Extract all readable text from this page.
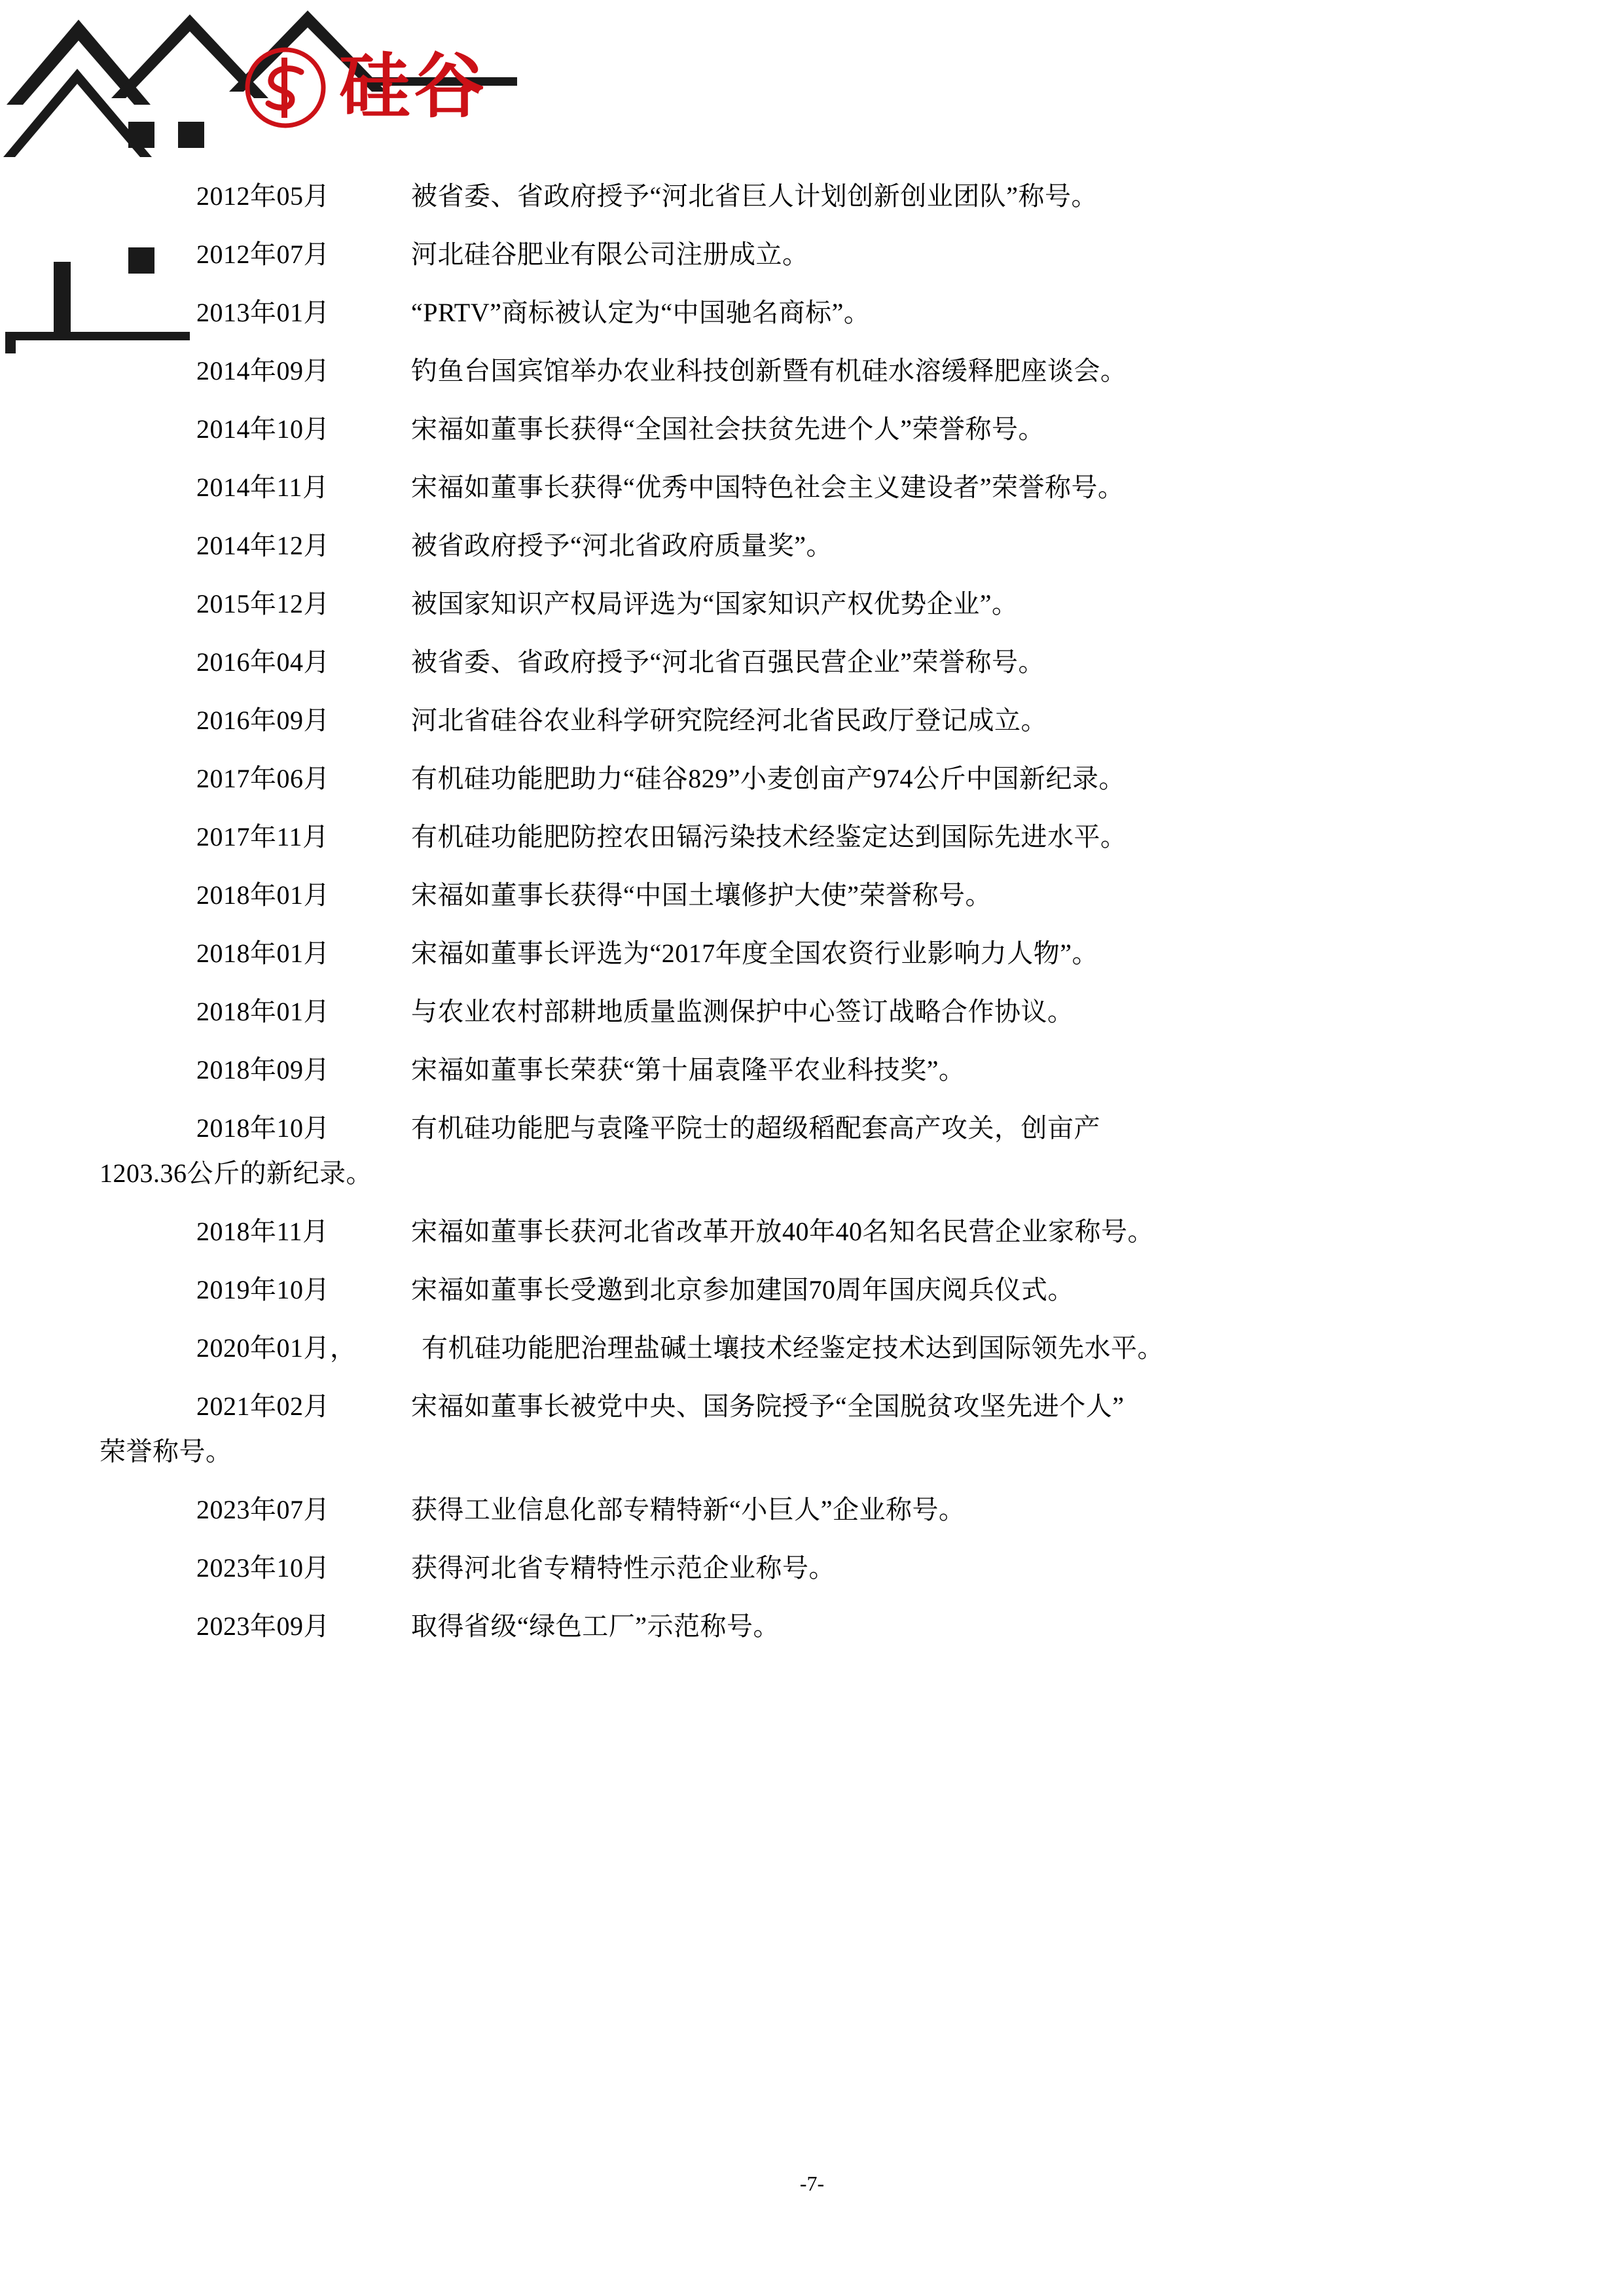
硅谷
2012年05月	被省委、省政府授予“河北省巨人计划创新创业团队”称号。
2012年07月	河北硅谷肥业有限公司注册成立。
2013年01月	“PRTV”商标被认定为“中国驰名商标”。
2014年09月	钓鱼台国宾馆举办农业科技创新暨有机硅水溶缓释肥座谈会。
2014年10月	宋福如董事长获得“全国社会扶贫先进个人”荣誉称号。
2014年11月	宋福如董事长获得“优秀中国特色社会主义建设者”荣誉称号。
2014年12月	被省政府授予“河北省政府质量奖”。
2015年12月	被国家知识产权局评选为“国家知识产权优势企业”。
2016年04月	被省委、省政府授予“河北省百强民营企业”荣誉称号。
2016年09月	河北省硅谷农业科学研究院经河北省民政厅登记成立。
2017年06月	有机硅功能肥助力“硅谷829”小麦创亩产974公斤中国新纪录。
2017年11月	有机硅功能肥防控农田镉污染技术经鉴定达到国际先进水平。
2018年01月	宋福如董事长获得“中国土壤修护大使”荣誉称号。
2018年01月	宋福如董事长评选为“2017年度全国农资行业影响力人物”。
2018年01月	与农业农村部耕地质量监测保护中心签订战略合作协议。
2018年09月	宋福如董事长荣获“第十届袁隆平农业科技奖”。
2018年10月	有机硅功能肥与袁隆平院士的超级稻配套高产攻关，创亩产
1203.36公斤的新纪录。
2018年11月	宋福如董事长获河北省改革开放40年40名知名民营企业家称号。
2019年10月	宋福如董事长受邀到北京参加建国70周年国庆阅兵仪式。
2020年01月，	有机硅功能肥治理盐碱土壤技术经鉴定技术达到国际领先水平。
2021年02月	宋福如董事长被党中央、国务院授予“全国脱贫攻坚先进个人”
荣誉称号。
2023年07月	获得工业信息化部专精特新“小巨人”企业称号。
2023年10月	获得河北省专精特性示范企业称号。
2023年09月	取得省级“绿色工厂”示范称号。
-7-
